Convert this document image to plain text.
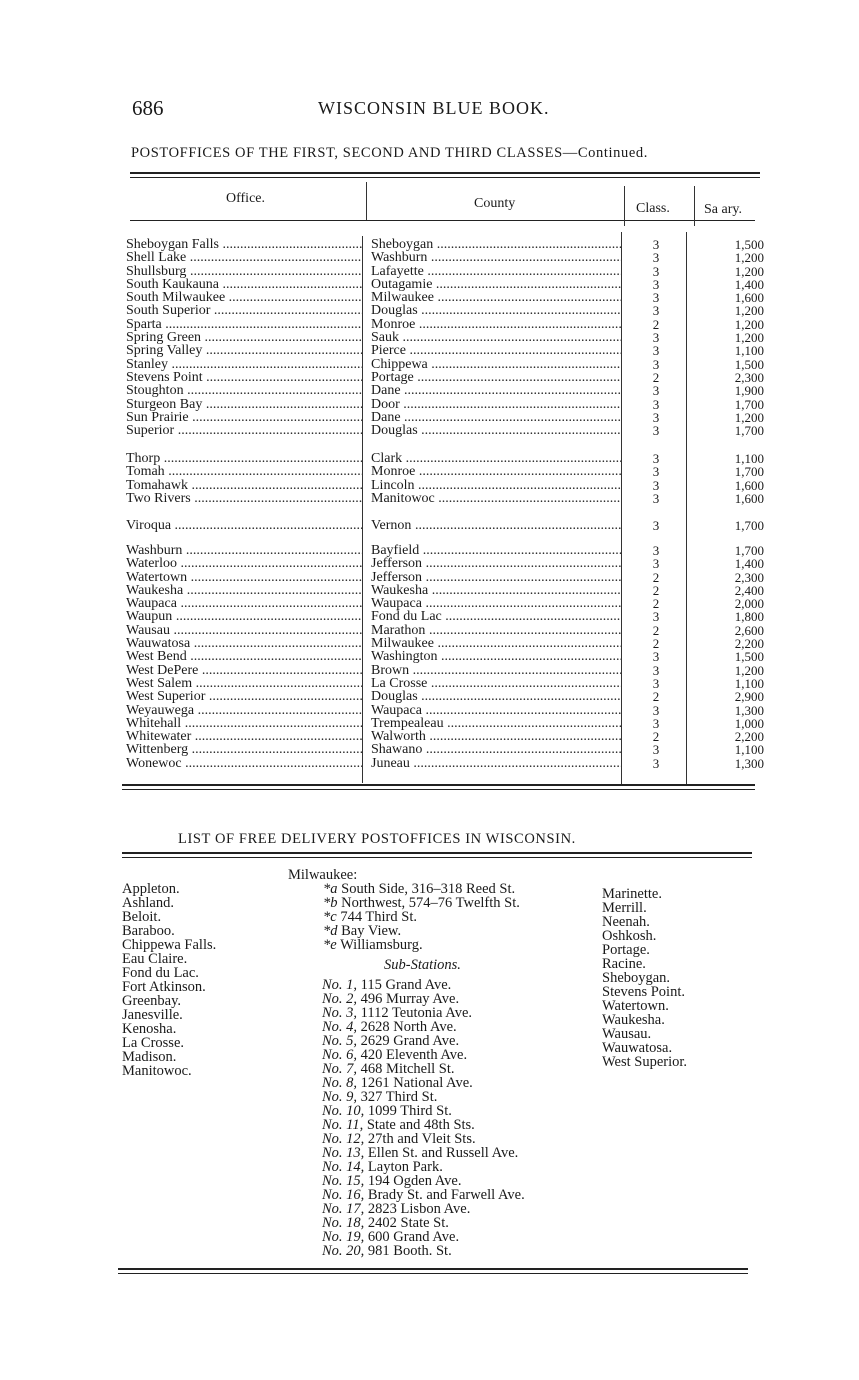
686	WISCONSIN BLUE BOOK.
POSTOFFICES OF THE FIRST, SECOND AND THIRD CLASSES—Continued.
Office.	County	Class. Sa ary.
Sheboygan Falls .....	Sheboygan .....	3	1,500
Shell Lake .....	Washburn .....	3	1,200
Shullsburg .....	Lafayette .....	3	1,200
South Kaukauna .....	Outagamie .....	3	1,400
South Milwaukee .....	Milwaukee .....	3	1,600
South Superior .....	Douglas .....	3	1,200
Sparta .....	Monroe .....	2	1,200
Spring Green .....	Sauk .....	3	1,200
Spring Valley .....	Pierce .....	3	1,100
Stanley .....	Chippewa .....	3	1,500
Stevens Point .....	Portage .....	2	2,300
Stoughton .....	Dane .....	3	1,900
Sturgeon Bay .....	Door .....	3	1,700
Sun Prairie .....	Dane .....	3	1,200
Superior .....	Douglas .....	3	1,700
Thorp .....	Clark .....	3	1,100
Tomah .....	Monroe .....	3	1,700
Tomahawk .....	Lincoln .....	3	1,600
Two Rivers .....	Manitowoc .....	3	1,600
Viroqua .....	Vernon .....	3	1,700
Washburn .....	Bayfield .....	3	1,700
Waterloo .....	Jefferson .....	3	1,400
Watertown .....	Jefferson .....	2	2,300
Waukesha .....	Waukesha .....	2	2,400
Waupaca .....	Waupaca .....	2	2,000
Waupun .....	Fond du Lac .....	3	1,800
Wausau .....	Marathon .....	2	2,600
Wauwatosa .....	Milwaukee .....	2	2,200
West Bend .....	Washington .....	3	1,500
West DePere .....	Brown .....	3	1,200
West Salem .....	La Crosse .....	3	1,100
West Superior .....	Douglas .....	2	2,900
Weyauwega .....	Waupaca .....	3	1,300
Whitehall .....	Trempealeau .....	3	1,000
Whitewater .....	Walworth .....	2	2,200
Wittenberg .....	Shawano .....	3	1,100
Wonewoc .....	Juneau .....	3	1,300
LIST OF FREE DELIVERY POSTOFFICES IN WISCONSIN.
Appleton.
Ashland.
Beloit.
Baraboo.
Chippewa Falls.
Eau Claire.
Fond du Lac.
Fort Atkinson.
Greenbay.
Janesville.
Kenosha.
La Crosse.
Madison.
Manitowoc.
Milwaukee:
*a South Side, 316–318 Reed St.
*b Northwest, 574–76 Twelfth St.
*c 744 Third St.
*d Bay View.
*e Williamsburg.
Sub-Stations.
No. 1, 115 Grand Ave.
No. 2, 496 Murray Ave.
No. 3, 1112 Teutonia Ave.
No. 4, 2628 North Ave.
No. 5, 2629 Grand Ave.
No. 6, 420 Eleventh Ave.
No. 7, 468 Mitchell St.
No. 8, 1261 National Ave.
No. 9, 327 Third St.
No. 10, 1099 Third St.
No. 11, State and 48th Sts.
No. 12, 27th and Vleit Sts.
No. 13, Ellen St. and Russell Ave.
No. 14, Layton Park.
No. 15, 194 Ogden Ave.
No. 16, Brady St. and Farwell Ave.
No. 17, 2823 Lisbon Ave.
No. 18, 2402 State St.
No. 19, 600 Grand Ave.
No. 20, 981 Booth. St.
Marinette.
Merrill.
Neenah.
Oshkosh.
Portage.
Racine.
Sheboygan.
Stevens Point.
Watertown.
Waukesha.
Wausau.
Wauwatosa.
West Superior.
